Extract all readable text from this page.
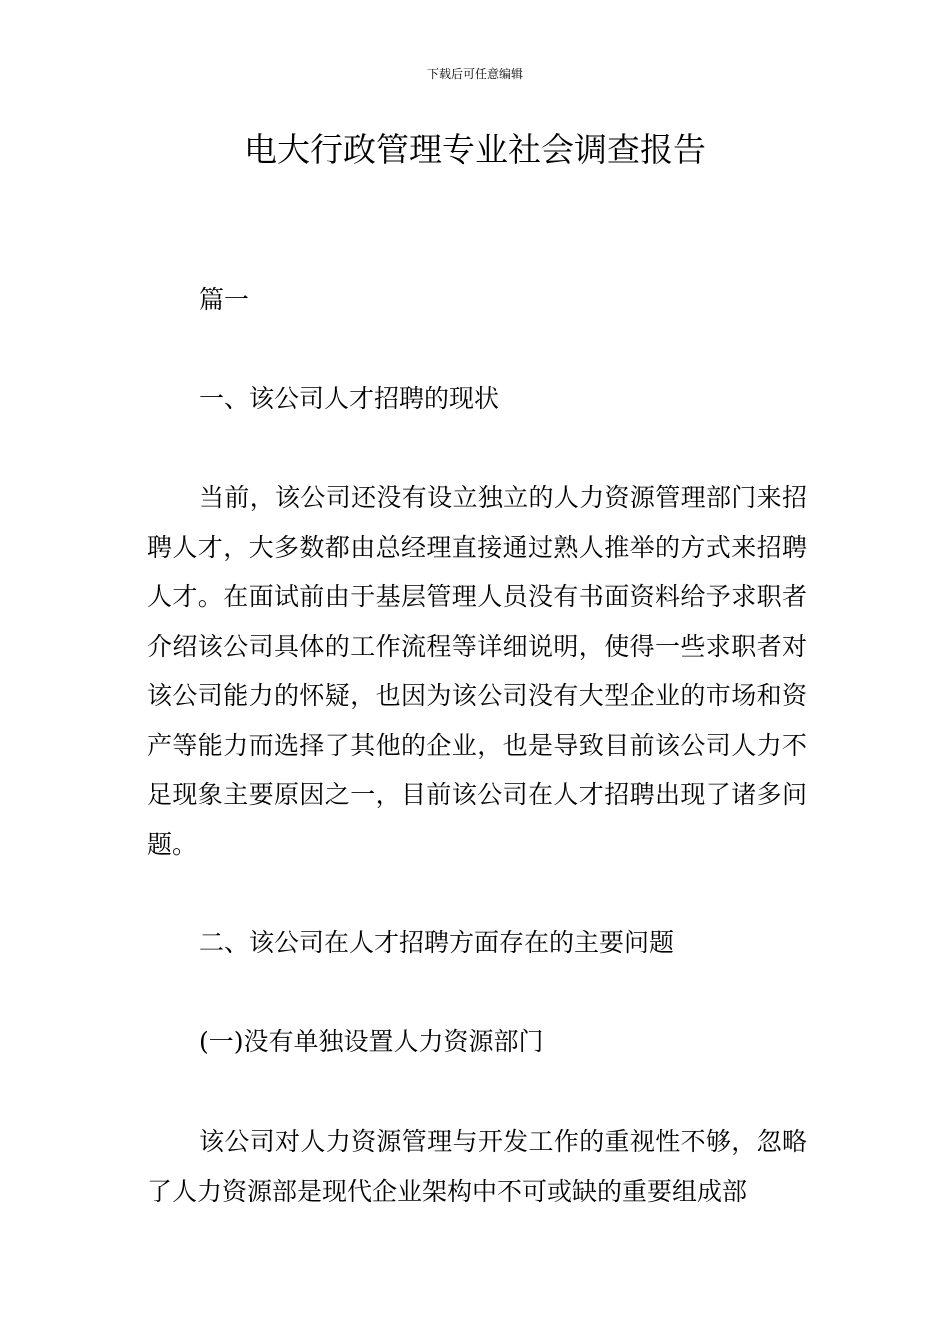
下载后可任意编辑
电大行政管理专业社会调查报告

篇一

一、该公司人才招聘的现状

当前，该公司还没有设立独立的人力资源管理部门来招聘人才，大多数都由总经理直接通过熟人推举的方式来招聘人才。在面试前由于基层管理人员没有书面资料给予求职者介绍该公司具体的工作流程等详细说明，使得一些求职者对该公司能力的怀疑，也因为该公司没有大型企业的市场和资产等能力而选择了其他的企业，也是导致目前该公司人力不足现象主要原因之一，目前该公司在人才招聘出现了诸多问题。

二、该公司在人才招聘方面存在的主要问题

(一)没有单独设置人力资源部门

该公司对人力资源管理与开发工作的重视性不够，忽略了人力资源部是现代企业架构中不可或缺的重要组成部
